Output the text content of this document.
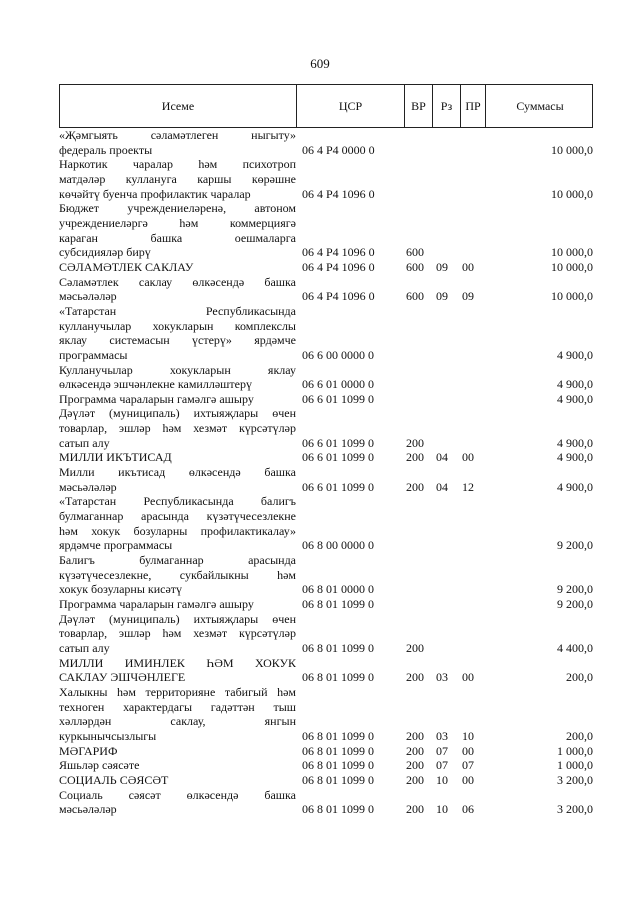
609
Исеме	ЦСР	ВР	Рз	ПР	Суммасы
«Җәмгыять сәламәтлеген ныгыту»
федераль проекты	06 4 Р4 0000 0	10 000,0
Наркотик чаралар һәм психотроп
матдәләр куллануга каршы көрәшне
көчәйтү буенча профилактик чаралар	06 4 Р4 1096 0	10 000,0
Бюджет учреждениеләренә, автоном
учреждениеләргә һәм коммерциягә
караган башка оешмаларга
субсидияләр бирү	06 4 Р4 1096 0	600	10 000,0
СӘЛАМӘТЛЕК САКЛАУ	06 4 Р4 1096 0	600	09	00	10 000,0
Сәламәтлек саклау өлкәсендә башка
мәсьәләләр	06 4 Р4 1096 0	600	09	09	10 000,0
«Татарстан Республикасында
кулланучылар хокукларын комплекслы
яклау системасын үстерү» ярдәмче
программасы	06 6 00 0000 0	4 900,0
Кулланучылар хокукларын яклау
өлкәсендә эшчәнлекне камилләштерү	06 6 01 0000 0	4 900,0
Программа чараларын гамәлгә ашыру	06 6 01 1099 0	4 900,0
Дәүләт (муниципаль) ихтыяҗлары өчен
товарлар, эшләр һәм хезмәт күрсәтүләр
сатып алу	06 6 01 1099 0	200	4 900,0
МИЛЛИ ИКЪТИСАД	06 6 01 1099 0	200	04	00	4 900,0
Милли икътисад өлкәсендә башка
мәсьәләләр	06 6 01 1099 0	200	04	12	4 900,0
«Татарстан Республикасында балигъ
булмаганнар арасында күзәтүчесезлекне
һәм хокук бозуларны профилактикалау»
ярдәмче программасы	06 8 00 0000 0	9 200,0
Балигъ булмаганнар арасында
күзәтүчесезлекне, сукбайлыкны һәм
хокук бозуларны кисәтү	06 8 01 0000 0	9 200,0
Программа чараларын гамәлгә ашыру	06 8 01 1099 0	9 200,0
Дәүләт (муниципаль) ихтыяҗлары өчен
товарлар, эшләр һәм хезмәт күрсәтүләр
сатып алу	06 8 01 1099 0	200	4 400,0
МИЛЛИ ИМИНЛЕК ҺӘМ ХОКУК
САКЛАУ ЭШЧӘНЛЕГЕ	06 8 01 1099 0	200	03	00	200,0
Халыкны һәм территорияне табигый һәм
техноген характердагы гадәттән тыш
хәлләрдән саклау, янгын
куркынычсызлыгы	06 8 01 1099 0	200	03	10	200,0
МӘГАРИФ	06 8 01 1099 0	200	07	00	1 000,0
Яшьләр сәясәте	06 8 01 1099 0	200	07	07	1 000,0
СОЦИАЛЬ СӘЯСӘТ	06 8 01 1099 0	200	10	00	3 200,0
Социаль сәясәт өлкәсендә башка
мәсьәләләр	06 8 01 1099 0	200	10	06	3 200,0
